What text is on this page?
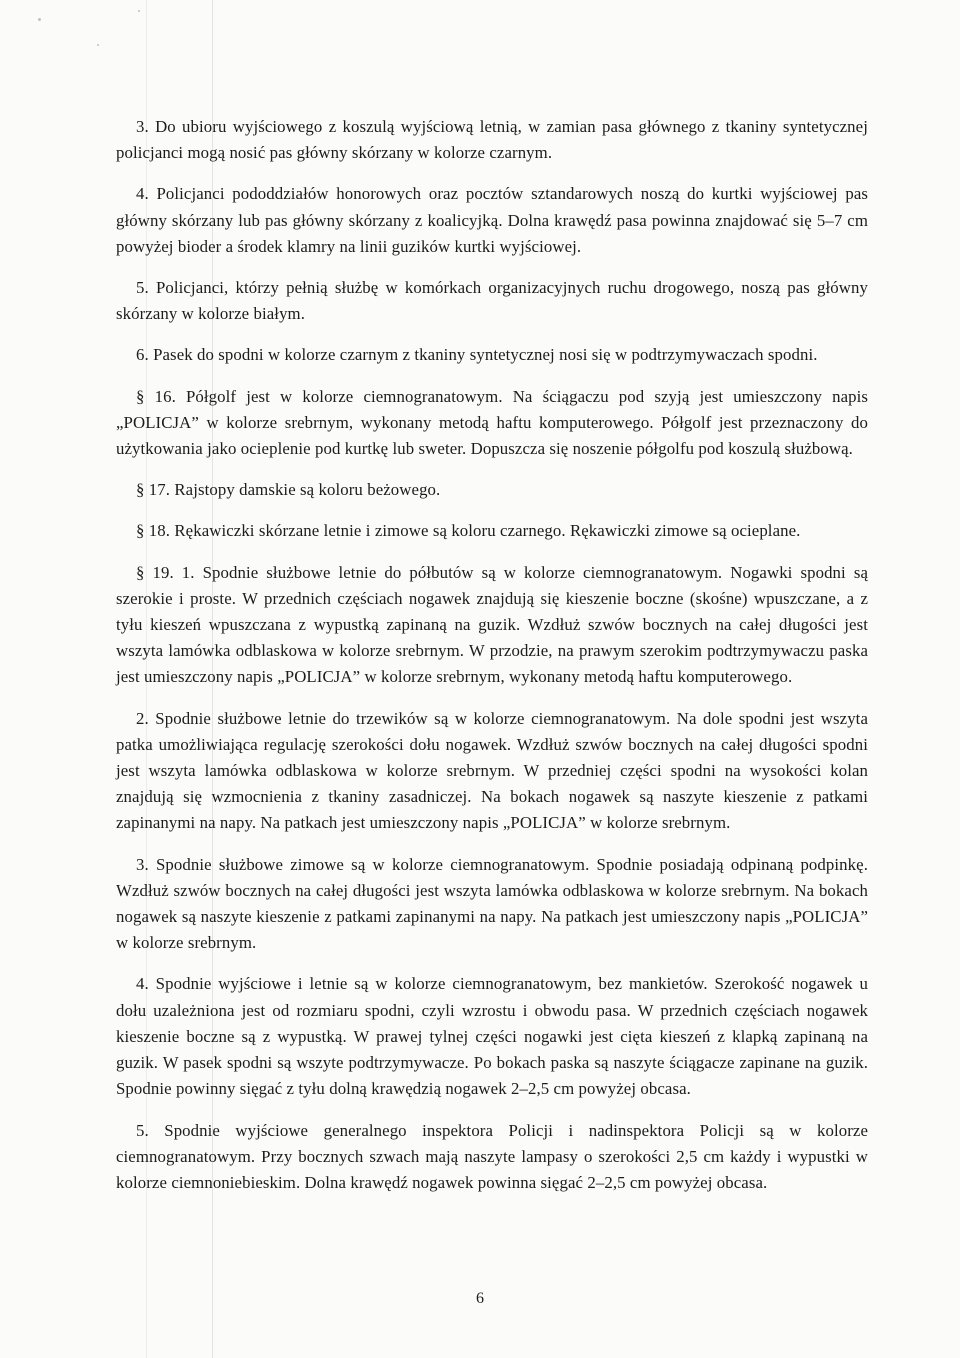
3. Do ubioru wyjściowego z koszulą wyjściową letnią, w zamian pasa głównego z tkaniny syntetycznej policjanci mogą nosić pas główny skórzany w kolorze czarnym.

4. Policjanci pododdziałów honorowych oraz pocztów sztandarowych noszą do kurtki wyjściowej pas główny skórzany lub pas główny skórzany z koalicyjką. Dolna krawędź pasa powinna znajdować się 5–7 cm powyżej bioder a środek klamry na linii guzików kurtki wyjściowej.

5. Policjanci, którzy pełnią służbę w komórkach organizacyjnych ruchu drogowego, noszą pas główny skórzany w kolorze białym.

6. Pasek do spodni w kolorze czarnym z tkaniny syntetycznej nosi się w podtrzymywaczach spodni.

§ 16. Półgolf jest w kolorze ciemnogranatowym. Na ściągaczu pod szyją jest umieszczony napis „POLICJA” w kolorze srebrnym, wykonany metodą haftu komputerowego. Półgolf jest przeznaczony do użytkowania jako ocieplenie pod kurtkę lub sweter. Dopuszcza się noszenie półgolfu pod koszulą służbową.

§ 17. Rajstopy damskie są koloru beżowego.

§ 18. Rękawiczki skórzane letnie i zimowe są koloru czarnego. Rękawiczki zimowe są ocieplane.

§ 19. 1. Spodnie służbowe letnie do półbutów są w kolorze ciemnogranatowym. Nogawki spodni są szerokie i proste. W przednich częściach nogawek znajdują się kieszenie boczne (skośne) wpuszczane, a z tyłu kieszeń wpuszczana z wypustką zapinaną na guzik. Wzdłuż szwów bocznych na całej długości jest wszyta lamówka odblaskowa w kolorze srebrnym. W przodzie, na prawym szerokim podtrzymywaczu paska jest umieszczony napis „POLICJA” w kolorze srebrnym, wykonany metodą haftu komputerowego.

2. Spodnie służbowe letnie do trzewików są w kolorze ciemnogranatowym. Na dole spodni jest wszyta patka umożliwiająca regulację szerokości dołu nogawek. Wzdłuż szwów bocznych na całej długości spodni jest wszyta lamówka odblaskowa w kolorze srebrnym. W przedniej części spodni na wysokości kolan znajdują się wzmocnienia z tkaniny zasadniczej. Na bokach nogawek są naszyte kieszenie z patkami zapinanymi na napy. Na patkach jest umieszczony napis „POLICJA” w kolorze srebrnym.

3. Spodnie służbowe zimowe są w kolorze ciemnogranatowym. Spodnie posiadają odpinaną podpinkę. Wzdłuż szwów bocznych na całej długości jest wszyta lamówka odblaskowa w kolorze srebrnym. Na bokach nogawek są naszyte kieszenie z patkami zapinanymi na napy. Na patkach jest umieszczony napis „POLICJA” w kolorze srebrnym.

4. Spodnie wyjściowe i letnie są w kolorze ciemnogranatowym, bez mankietów. Szerokość nogawek u dołu uzależniona jest od rozmiaru spodni, czyli wzrostu i obwodu pasa. W przednich częściach nogawek kieszenie boczne są z wypustką. W prawej tylnej części nogawki jest cięta kieszeń z klapką zapinaną na guzik. W pasek spodni są wszyte podtrzymywacze. Po bokach paska są naszyte ściągacze zapinane na guzik. Spodnie powinny sięgać z tyłu dolną krawędzią nogawek 2–2,5 cm powyżej obcasa.

5. Spodnie wyjściowe generalnego inspektora Policji i nadinspektora Policji są w kolorze ciemnogranatowym. Przy bocznych szwach mają naszyte lampasy o szerokości 2,5 cm każdy i wypustki w kolorze ciemnoniebieskim. Dolna krawędź nogawek powinna sięgać 2–2,5 cm powyżej obcasa.

6
